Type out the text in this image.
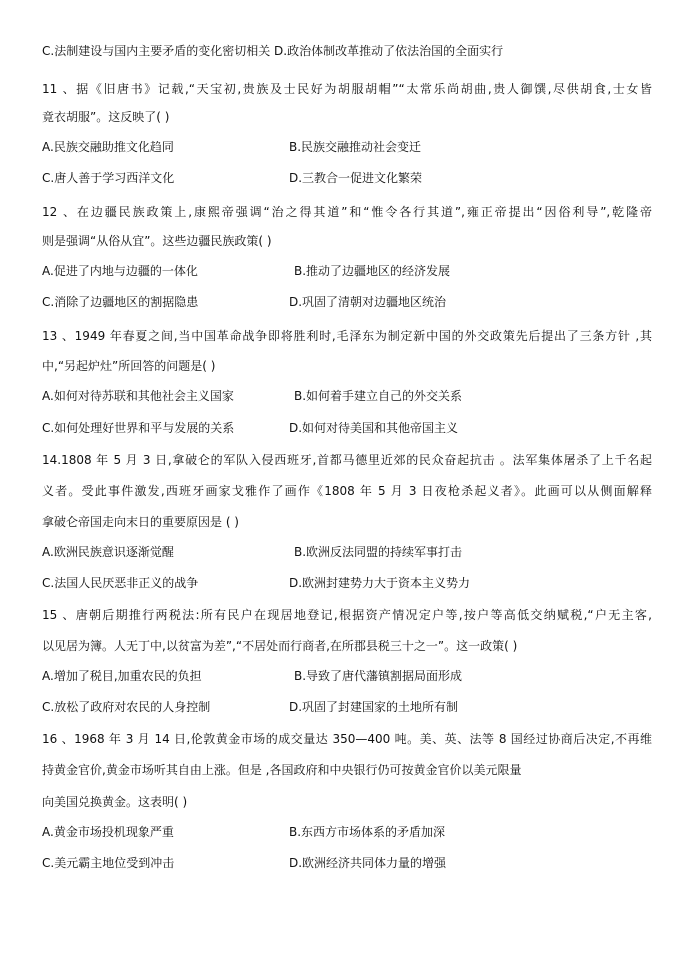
C.法制建设与国内主要矛盾的变化密切相关 D.政治体制改革推动了依法治国的全面实行
11 、据《旧唐书》记载,“天宝初,贵族及士民好为胡服胡帽”“太常乐尚胡曲,贵人御馔,尽供胡食,士女皆
竟衣胡服”。这反映了( )
A.民族交融助推文化趋同	B.民族交融推动社会变迁
C.唐人善于学习西洋文化	D.三教合一促进文化繁荣
12 、在边疆民族政策上,康熙帝强调“治之得其道”和“惟令各行其道”,雍正帝提出“因俗利导”,乾隆帝
则是强调“从俗从宜”。这些边疆民族政策( )
A.促进了内地与边疆的一体化	B.推动了边疆地区的经济发展
C.消除了边疆地区的割据隐患	D.巩固了清朝对边疆地区统治
13 、1949 年春夏之间,当中国革命战争即将胜利时,毛泽东为制定新中国的外交政策先后提出了三条方针 ,其
中,“另起炉灶”所回答的问题是( )
A.如何对待苏联和其他社会主义国家	B.如何着手建立自己的外交关系
C.如何处理好世界和平与发展的关系	D.如何对待美国和其他帝国主义
14.1808 年 5 月 3 日,拿破仑的军队入侵西班牙,首都马德里近郊的民众奋起抗击 。法军集体屠杀了上千名起
义者。受此事件激发,西班牙画家戈雅作了画作《1808 年 5 月 3 日夜枪杀起义者》。此画可以从侧面解释
拿破仑帝国走向末日的重要原因是 ( )
A.欧洲民族意识逐渐觉醒	B.欧洲反法同盟的持续军事打击
C.法国人民厌恶非正义的战争	D.欧洲封建势力大于资本主义势力
15 、唐朝后期推行两税法:所有民户在现居地登记,根据资产情况定户等,按户等高低交纳赋税,“户无主客,
以见居为簿。人无丁中,以贫富为差”,“不居处而行商者,在所郡县税三十之一”。这一政策( )
A.增加了税目,加重农民的负担	B.导致了唐代藩镇割据局面形成
C.放松了政府对农民的人身控制	D.巩固了封建国家的土地所有制
16 、1968 年 3 月 14 日,伦敦黄金市场的成交量达 350—400 吨。美、英、法等 8 国经过协商后决定,不再维
持黄金官价,黄金市场听其自由上涨。但是 ,各国政府和中央银行仍可按黄金官价以美元限量
向美国兑换黄金。这表明( )
A.黄金市场投机现象严重	B.东西方市场体系的矛盾加深
C.美元霸主地位受到冲击	D.欧洲经济共同体力量的增强
